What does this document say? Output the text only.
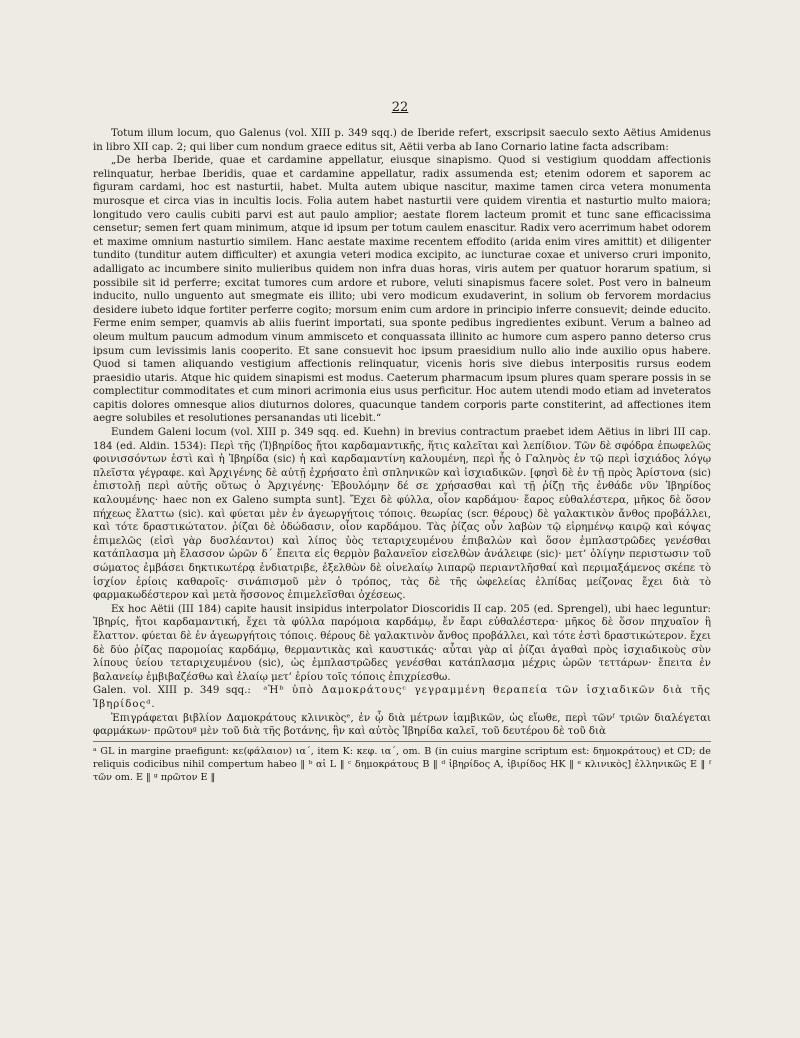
22

Totum illum locum, quo Galenus (vol. XIII p. 349 sqq.) de Iberide refert, exscripsit saeculo sexto Aëtius Amidenus in libro XII cap. 2; qui liber cum nondum graece editus sit, Aëtii verba ab Iano Cornario latine facta adscribam:

„De herba Iberide, quae et cardamine appellatur, eiusque sinapismo. Quod si vestigium quoddam affectionis relinquatur, herbae Iberidis, quae et cardamine appellatur, radix assumenda est; etenim odorem et saporem ac figuram cardami, hoc est nasturtii, habet. Multa autem ubique nascitur, maxime tamen circa vetera monumenta murosque et circa vias in incultis locis. Folia autem habet nasturtii vere quidem virentia et nasturtio multo maiora; longitudo vero caulis cubiti parvi est aut paulo amplior; aestate florem lacteum promit et tunc sane efficacissima censetur; semen fert quam minimum, atque id ipsum per totum caulem enascitur. Radix vero acerrimum habet odorem et maxime omnium nasturtio similem. Hanc aestate maxime recentem effodito (arida enim vires amittit) et diligenter tundito (tunditur autem difficulter) et axungia veteri modica excipito, ac iuncturae coxae et universo cruri imponito, adalligato ac incumbere sinito mulieribus quidem non infra duas horas, viris autem per quatuor horarum spatium, si possibile sit id perferre; excitat tumores cum ardore et rubore, veluti sinapismus facere solet. Post vero in balneum inducito, nullo unguento aut smegmate eis illito; ubi vero modicum exudaverint, in solium ob fervorem mordacius desidere iubeto idque fortiter perferre cogito; morsum enim cum ardore in principio inferre consuevit; deinde educito. Ferme enim semper, quamvis ab aliis fuerint importati, sua sponte pedibus ingredientes exibunt. Verum a balneo ad oleum multum paucum admodum vinum ammisceto et conquassata illinito ac humore cum aspero panno deterso crus ipsum cum levissimis lanis cooperito. Et sane consuevit hoc ipsum praesidium nullo alio inde auxilio opus habere. Quod si tamen aliquando vestigium affectionis relinquatur, vicenis horis sive diebus interpositis rursus eodem praesidio utaris. Atque hic quidem sinapismi est modus. Caeterum pharmacum ipsum plures quam sperare possis in se complectitur commoditates et cum minori acrimonia eius usus perficitur. Hoc autem utendi modo etiam ad inveteratos capitis dolores omnesque alios diuturnos dolores, quacunque tandem corporis parte constiterint, ad affectiones item aegre solubiles et resolutiones persanandas uti licebit.“

Eundem Galeni locum (vol. XIII p. 349 sqq. ed. Kuehn) in brevius contractum praebet idem Aëtius in libri III cap. 184 (ed. Aldin. 1534): Περὶ τῆς ⟨Ἰ⟩βηρίδος ἤτοι καρδαμαντικῆς, ἥτις καλεῖται καὶ λεπίδιον. Τῶν δὲ σφόδρα ἐπωφελῶς φοινισσόντων ἐστὶ καὶ ἡ Ἰβηρίδα (sic) ἡ καὶ καρδαμαντίνη καλουμένη, περὶ ἧς ὁ Γαληνὸς ἐν τῷ περὶ ἰσχιάδος λόγῳ πλεῖστα γέγραφε. καὶ Ἀρχιγένης δὲ αὐτῇ ἐχρήσατο ἐπὶ σπληνικῶν καὶ ἰσχιαδικῶν. [φησὶ δὲ ἐν τῇ πρὸς Ἀρίστονα (sic) ἐπιστολῇ περὶ αὐτῆς οὕτως ὁ Ἀρχιγένης· Ἐβουλόμην δέ σε χρήσασθαι καὶ τῇ ῥίζῃ τῆς ἐνθάδε νῦν Ἰβηρίδος καλουμένης· haec non ex Galeno sumpta sunt]. Ἔχει δὲ φύλλα, οἷον καρδάμου· ἔαρος εὐθαλέστερα, μῆκος δὲ ὅσον πήχεως ἔλαττω (sic). καὶ φύεται μὲν ἐν ἀγεωργήτοις τόποις. θεωρίας (scr. θέρους) δὲ γαλακτικὸν ἄνθος προβάλλει, καὶ τότε δραστικώτατον. ῥίζαι δὲ ὀδώδασιν, οἷον καρδάμου. Τὰς ῥίζας οὖν λαβὼν τῷ εἰρημένῳ καιρῷ καὶ κόψας ἐπιμελῶς (εἰσὶ γὰρ δυσλέαντοι) καὶ λίπος ὑὸς τεταριχευμένου ἐπιβαλὼν καὶ ὅσον ἐμπλαστρῶδες γενέσθαι κατάπλασμα μὴ ἔλασσον ὡρῶν δ΄ ἔπειτα εἰς θερμὸν βαλανεῖον εἰσελθὼν ἀνάλειφε (sic)· μετ’ ὀλίγην περιστωσιν τοῦ σώματος ἐμβάσει δηκτικωτέρᾳ ἐνδιατριβε, ἐξελθὼν δὲ οἰνελαίῳ λιπαρῷ περιαντλῆσθαί καὶ περιμαξάμενος σκέπε τὸ ἰσχίον ἐρίοις καθαροῖς· σινάπισμοῦ μὲν ὁ τρόπος, τὰς δὲ τῆς ὠφελείας ἐλπίδας μείζονας ἔχει διὰ τὸ φαρμακωδέστερον καὶ μετὰ ἥσσονος ἐπιμελεῖσθαι ὀχέσεως.

Ex hoc Aëtii (III 184) capite hausit insipidus interpolator Dioscoridis II cap. 205 (ed. Sprengel), ubi haec leguntur: Ἰβηρίς, ἤτοι καρδαμαντική, ἔχει τὰ φύλλα παρόμοια καρδάμῳ, ἔν ἔαρι εὐθαλέστερα· μῆκος δὲ ὅσον πηχυαῖον ἢ ἔλαττον. φύεται δὲ ἐν ἀγεωργήτοις τόποις. θέρους δὲ γαλακτινὸν ἄνθος προβάλλει, καὶ τότε ἐστὶ δραστικώτερον. ἔχει δὲ δύο ῥίζας παρομοίας καρδάμῳ, θερμαντικὰς καὶ καυστικάς· αὗται γὰρ αἱ ῥίζαι ἀγαθαὶ πρὸς ἰσχιαδικοὺς σὺν λίπους ὑείου τεταριχευμένου (sic), ὡς ἐμπλαστρῶδες γενέσθαι κατάπλασμα μέχρις ὡρῶν τεττάρων· ἔπειτα ἐν βαλανείῳ ἐμβιβαζέσθω καὶ ἐλαίῳ μετ’ ἐρίου τοῖς τόποις ἐπιχρίεσθω.

Galen. vol. XIII p. 349 sqq.: ᵃἩᵇ ὑπὸ Δαμοκράτουςᶜ γεγραμμένη θεραπεία τῶν ἰσχιαδικῶν διὰ τῆς Ἰβηρίδοςᵈ.

Ἐπιγράφεται βιβλίον Δαμοκράτους κλινικὸςᵉ, ἐν ᾧ διὰ μέτρων ἰαμβικῶν, ὡς εἴωθε, περὶ τῶνᶠ τριῶν διαλέγεται φαρμάκων· πρῶτουᵍ μὲν τοῦ διὰ τῆς βοτάνης, ἣν καὶ αὐτὸς Ἰβηρίδα καλεῖ, τοῦ δευτέρου δὲ τοῦ διὰ

ᵃ GL in margine praefigunt: κε(φάλαιον) ια΄, item K: κεφ. ια΄, om. B (in cuius margine scriptum est: δημοκράτους) et CD; de reliquis codicibus nihil compertum habeo ‖ ᵇ αἱ L ‖ ᶜ δημοκράτους B ‖ ᵈ ἰβηρίδος A, ἰβιρίδος HK ‖ ᵉ κλινικὸς] ἑλληνικῶς E ‖ ᶠ τῶν om. E ‖ ᵍ πρῶτον E ‖
